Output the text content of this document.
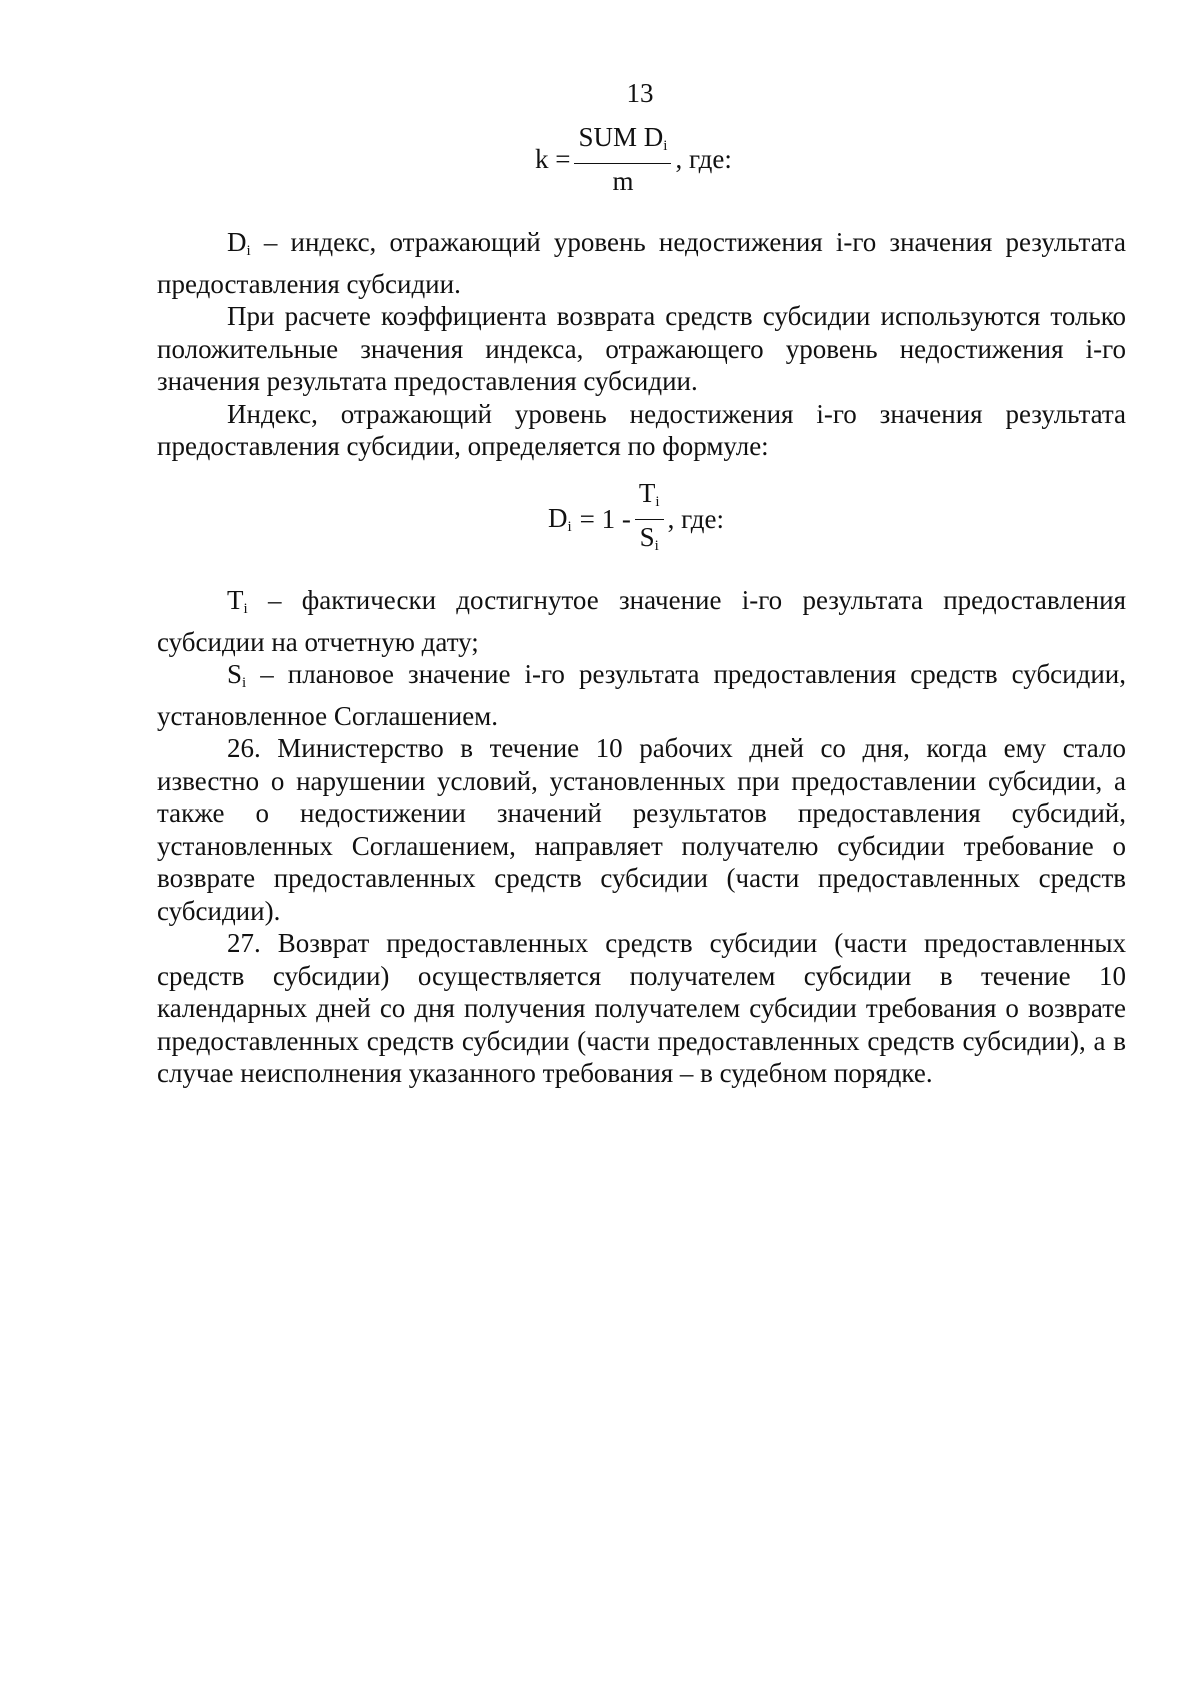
13
$k = \frac{SUM D_i}{m}$ , где:

$D_i$ – индекс, отражающий уровень недостижения i-го значения результата предоставления субсидии.

При расчете коэффициента возврата средств субсидии используются только положительные значения индекса, отражающего уровень недостижения i-го значения результата предоставления субсидии.

Индекс, отражающий уровень недостижения i-го значения результата предоставления субсидии, определяется по формуле:

$D_i = 1 - \frac{T_i}{S_i}$ , где:

$T_i$ – фактически достигнутое значение i-го результата предоставления субсидии на отчетную дату;

$S_i$ – плановое значение i-го результата предоставления средств субсидии, установленное Соглашением.

26. Министерство в течение 10 рабочих дней со дня, когда ему стало известно о нарушении условий, установленных при предоставлении субсидии, а также о недостижении значений результатов предоставления субсидий, установленных Соглашением, направляет получателю субсидии требование о возврате предоставленных средств субсидии (части предоставленных средств субсидии).

27. Возврат предоставленных средств субсидии (части предоставленных средств субсидии) осуществляется получателем субсидии в течение 10 календарных дней со дня получения получателем субсидии требования о возврате предоставленных средств субсидии (части предоставленных средств субсидии), а в случае неисполнения указанного требования – в судебном порядке.
